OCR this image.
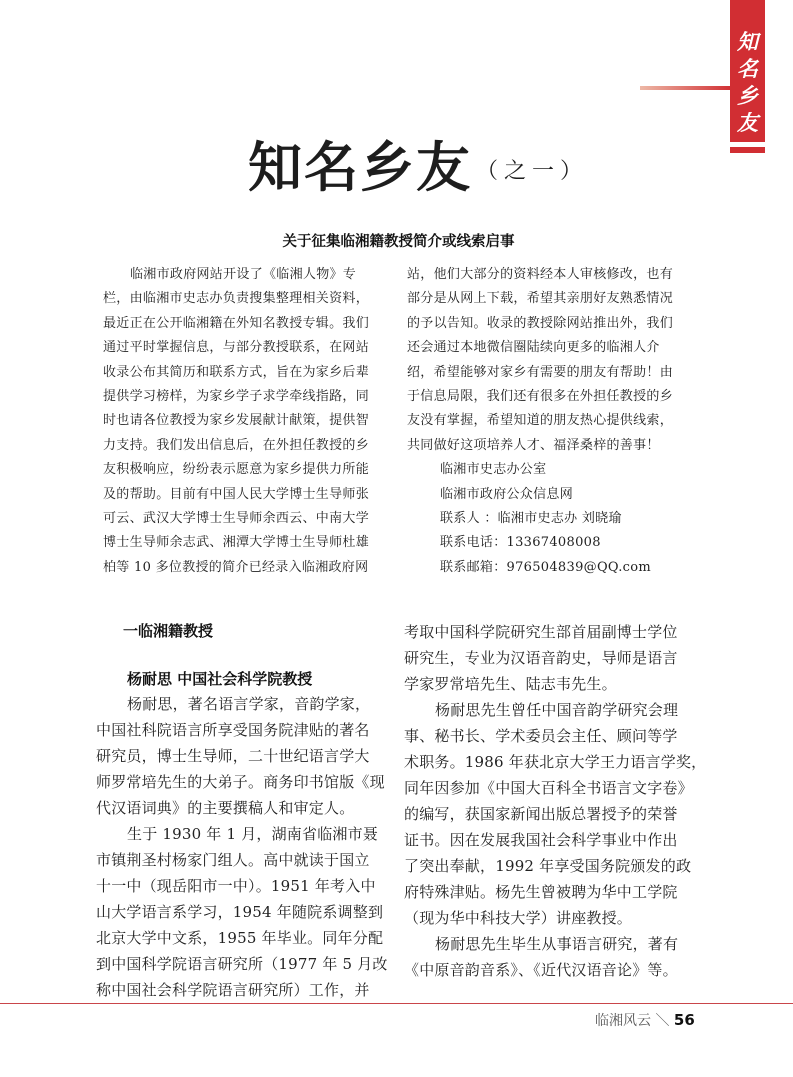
知
名
乡
友
知名乡友 （之一）
关于征集临湘籍教授简介或线索启事
临湘市政府网站开设了《临湘人物》专
栏，由临湘市史志办负责搜集整理相关资料，
最近正在公开临湘籍在外知名教授专辑。我们
通过平时掌握信息，与部分教授联系，在网站
收录公布其简历和联系方式，旨在为家乡后辈
提供学习榜样，为家乡学子求学牵线指路，同
时也请各位教授为家乡发展献计献策，提供智
力支持。我们发出信息后，在外担任教授的乡
友积极响应，纷纷表示愿意为家乡提供力所能
及的帮助。目前有中国人民大学博士生导师张
可云、武汉大学博士生导师余西云、中南大学
博士生导师余志武、湘潭大学博士生导师杜雄
柏等 10 多位教授的简介已经录入临湘政府网
站，他们大部分的资料经本人审核修改，也有
部分是从网上下载，希望其亲朋好友熟悉情况
的予以告知。收录的教授除网站推出外，我们
还会通过本地微信圈陆续向更多的临湘人介
绍，希望能够对家乡有需要的朋友有帮助！由
于信息局限，我们还有很多在外担任教授的乡
友没有掌握，希望知道的朋友热心提供线索，
共同做好这项培养人才、福泽桑梓的善事！
临湘市史志办公室
临湘市政府公众信息网
联系人 ：临湘市史志办 刘晓瑜
联系电话：13367408008
联系邮箱：976504839@QQ.com
一临湘籍教授
杨耐思 中国社会科学院教授
杨耐思，著名语言学家，音韵学家，
中国社科院语言所享受国务院津贴的著名
研究员，博士生导师，二十世纪语言学大
师罗常培先生的大弟子。商务印书馆版《现
代汉语词典》的主要撰稿人和审定人。
生于 1930 年 1 月，湖南省临湘市聂
市镇荆圣村杨家门组人。高中就读于国立
十一中（现岳阳市一中）。1951 年考入中
山大学语言系学习，1954 年随院系调整到
北京大学中文系，1955 年毕业。同年分配
到中国科学院语言研究所（1977 年 5 月改
称中国社会科学院语言研究所）工作，并
考取中国科学院研究生部首届副博士学位
研究生，专业为汉语音韵史，导师是语言
学家罗常培先生、陆志韦先生。
杨耐思先生曾任中国音韵学研究会理
事、秘书长、学术委员会主任、顾问等学
术职务。1986 年获北京大学王力语言学奖，
同年因参加《中国大百科全书语言文字卷》
的编写，获国家新闻出版总署授予的荣誉
证书。因在发展我国社会科学事业中作出
了突出奉献，1992 年享受国务院颁发的政
府特殊津贴。杨先生曾被聘为华中工学院
（现为华中科技大学）讲座教授。
杨耐思先生毕生从事语言研究，著有
《中原音韵音系》、《近代汉语音论》等。
临湘风云 ＼ 56
